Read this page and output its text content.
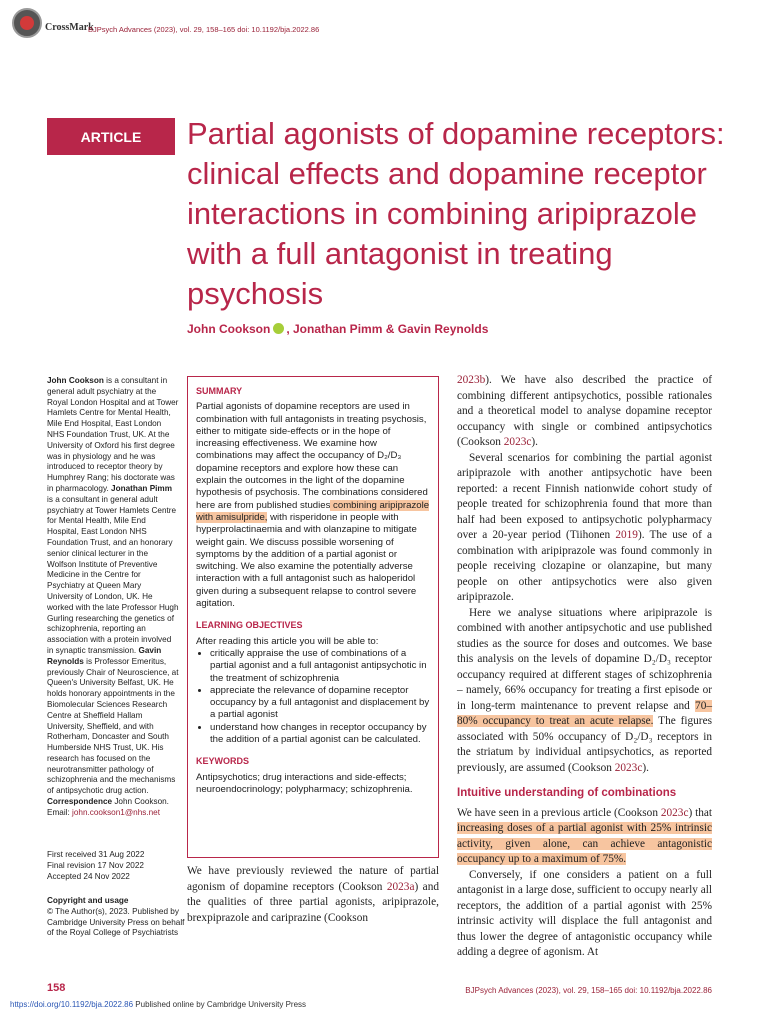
CrossMark
BJPsych Advances (2023), vol. 29, 158–165 doi: 10.1192/bja.2022.86
ARTICLE	Partial agonists of dopamine receptors: clinical effects and dopamine receptor interactions in combining aripiprazole with a full antagonist in treating psychosis
John Cookson , Jonathan Pimm & Gavin Reynolds
John Cookson is a consultant in general adult psychiatry at the Royal London Hospital and at Tower Hamlets Centre for Mental Health, Mile End Hospital, East London NHS Foundation Trust, UK. At the University of Oxford his first degree was in physiology and he was introduced to receptor theory by Humphrey Rang; his doctorate was in pharmacology. Jonathan Pimm is a consultant in general adult psychiatry at Tower Hamlets Centre for Mental Health, Mile End Hospital, East London NHS Foundation Trust, and an honorary senior clinical lecturer in the Wolfson Institute of Preventive Medicine in the Centre for Psychiatry at Queen Mary University of London, UK. He worked with the late Professor Hugh Gurling researching the genetics of schizophrenia, reporting an association with a protein involved in synaptic transmission. Gavin Reynolds is Professor Emeritus, previously Chair of Neuroscience, at Queen's University Belfast, UK. He holds honorary appointments in the Biomolecular Sciences Research Centre at Sheffield Hallam University, Sheffield, and with Rotherham, Doncaster and South Humberside NHS Trust, UK. His research has focused on the neurotransmitter pathology of schizophrenia and the mechanisms of antipsychotic drug action.
Correspondence John Cookson.
Email: john.cookson1@nhs.net
First received 31 Aug 2022
Final revision 17 Nov 2022
Accepted 24 Nov 2022
Copyright and usage
© The Author(s), 2023. Published by Cambridge University Press on behalf of the Royal College of Psychiatrists
SUMMARY
Partial agonists of dopamine receptors are used in combination with full antagonists in treating psychosis, either to mitigate side-effects or in the hope of increasing effectiveness. We examine how combinations may affect the occupancy of D₂/D₃ dopamine receptors and explore how these can explain the outcomes in the light of the dopamine hypothesis of psychosis. The combinations considered here are from published studies combining aripiprazole with amisulpride, with risperidone in people with hyperprolactinaemia and with olanzapine to mitigate weight gain. We discuss possible worsening of symptoms by the addition of a partial agonist or switching. We also examine the potentially adverse interaction with a full antagonist such as haloperidol given during a subsequent relapse to control severe agitation.
LEARNING OBJECTIVES
After reading this article you will be able to:
• critically appraise the use of combinations of a partial agonist and a full antagonist antipsychotic in the treatment of schizophrenia
• appreciate the relevance of dopamine receptor occupancy by a full antagonist and displacement by a partial agonist
• understand how changes in receptor occupancy by the addition of a partial agonist can be calculated.
KEYWORDS
Antipsychotics; drug interactions and side-effects; neuroendocrinology; polypharmacy; schizophrenia.

We have previously reviewed the nature of partial agonism of dopamine receptors (Cookson 2023a) and the qualities of three partial agonists, aripiprazole, brexpiprazole and cariprazine (Cookson

2023b). We have also described the practice of combining different antipsychotics, possible rationales and a theoretical model to analyse dopamine receptor occupancy with single or combined antipsychotics (Cookson 2023c).

Several scenarios for combining the partial agonist aripiprazole with another antipsychotic have been reported: a recent Finnish nationwide cohort study of people treated for schizophrenia found that more than half had been exposed to antipsychotic polypharmacy over a 20-year period (Tiihonen 2019). The use of a combination with aripiprazole was found commonly in people receiving clozapine or olanzapine, but many people on other antipsychotics were also given aripiprazole.

Here we analyse situations where aripiprazole is combined with another antipsychotic and use published studies as the source for doses and outcomes. We base this analysis on the levels of dopamine D₂/D₃ receptor occupancy required at different stages of schizophrenia – namely, 66% occupancy for treating a first episode or in long-term maintenance to prevent relapse and 70–80% occupancy to treat an acute relapse. The figures associated with 50% occupancy of D₂/D₃ receptors in the striatum by individual antipsychotics, as reported previously, are assumed (Cookson 2023c).

Intuitive understanding of combinations

We have seen in a previous article (Cookson 2023c) that increasing doses of a partial agonist with 25% intrinsic activity, given alone, can achieve antagonistic occupancy up to a maximum of 75%.

Conversely, if one considers a patient on a full antagonist in a large dose, sufficient to occupy nearly all receptors, the addition of a partial agonist with 25% intrinsic activity will displace the full antagonist and thus lower the degree of antagonistic occupancy while adding a degree of agonism. At

158	BJPsych Advances (2023), vol. 29, 158–165 doi: 10.1192/bja.2022.86
https://doi.org/10.1192/bja.2022.86 Published online by Cambridge University Press
